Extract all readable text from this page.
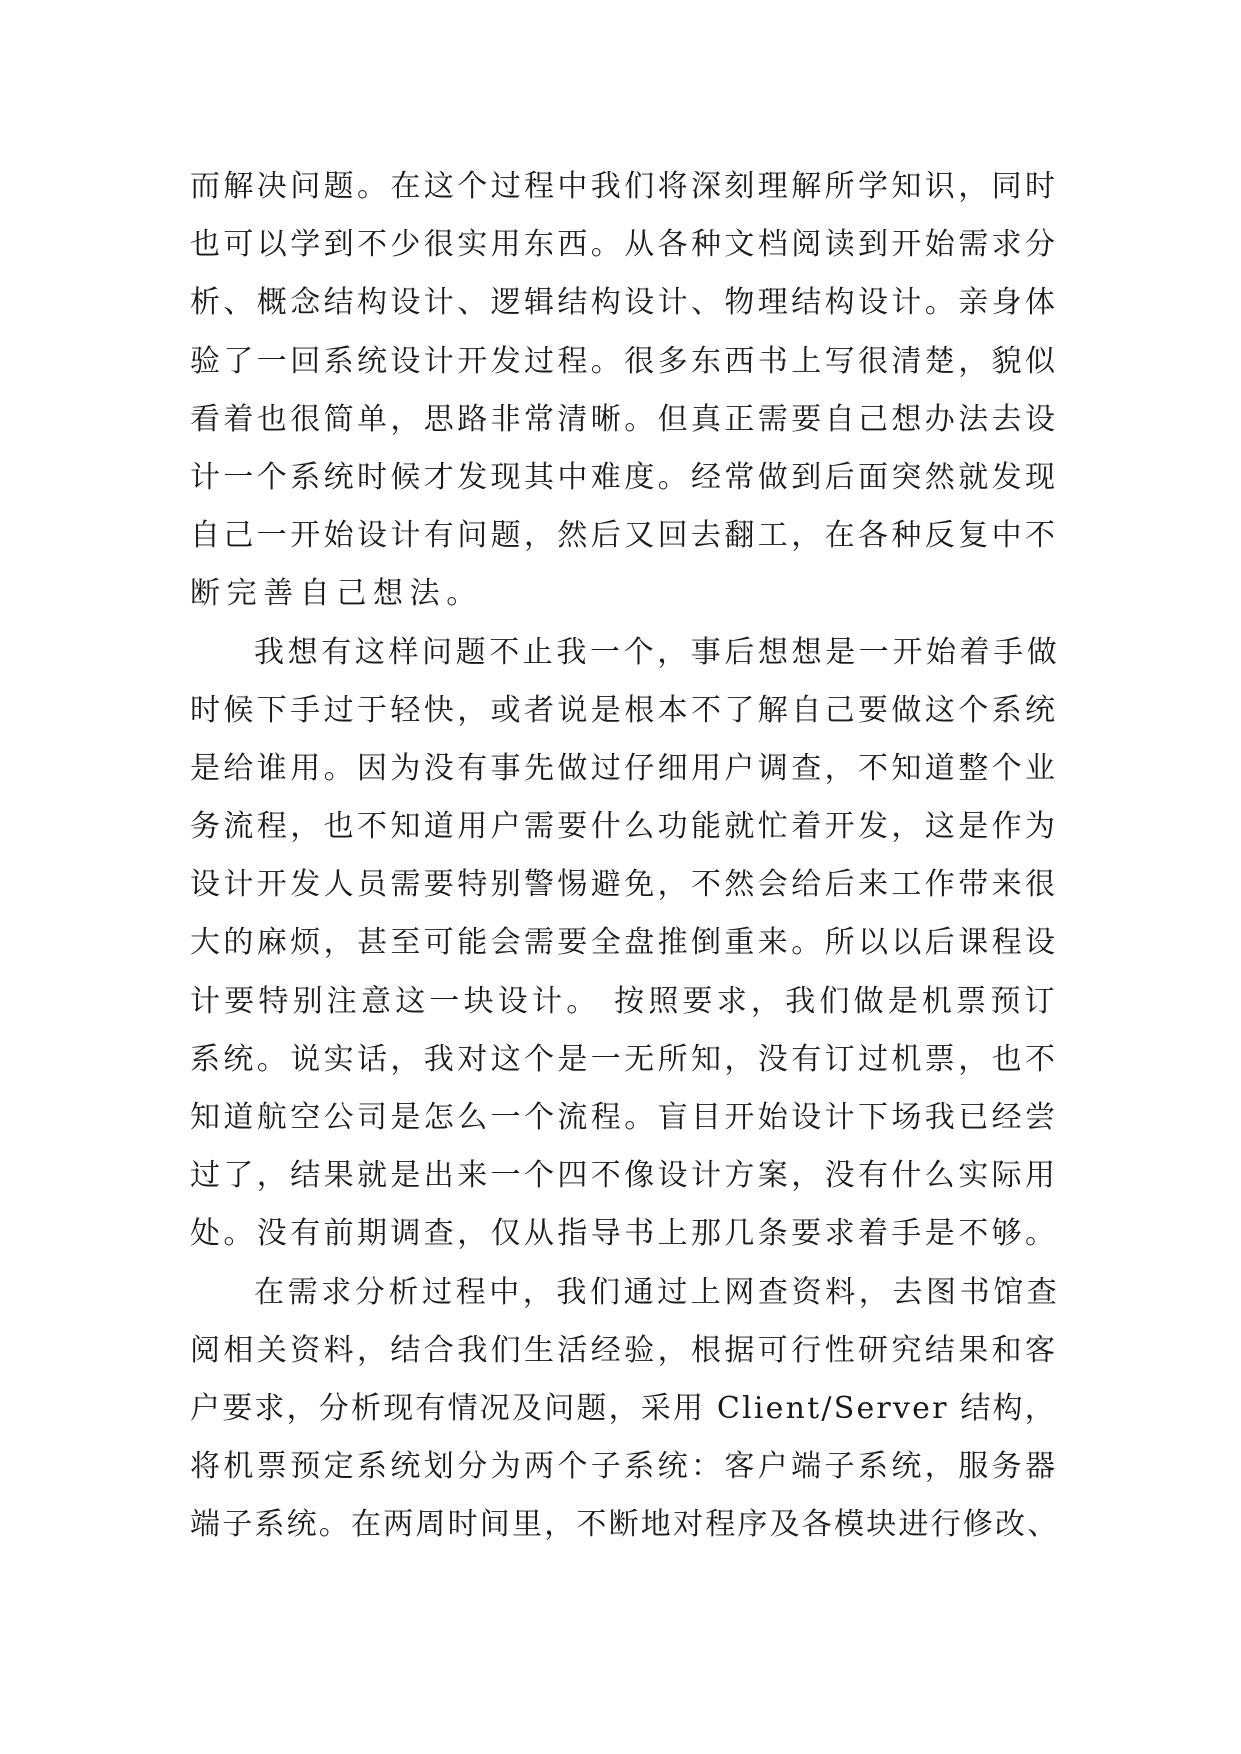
而解决问题。在这个过程中我们将深刻理解所学知识，同时
也可以学到不少很实用东西。从各种文档阅读到开始需求分
析、概念结构设计、逻辑结构设计、物理结构设计。亲身体
验了一回系统设计开发过程。很多东西书上写很清楚，貌似
看着也很简单，思路非常清晰。但真正需要自己想办法去设
计一个系统时候才发现其中难度。经常做到后面突然就发现
自己一开始设计有问题，然后又回去翻工，在各种反复中不
断完善自己想法。
我想有这样问题不止我一个，事后想想是一开始着手做
时候下手过于轻快，或者说是根本不了解自己要做这个系统
是给谁用。因为没有事先做过仔细用户调查，不知道整个业
务流程，也不知道用户需要什么功能就忙着开发，这是作为
设计开发人员需要特别警惕避免，不然会给后来工作带来很
大的麻烦，甚至可能会需要全盘推倒重来。所以以后课程设
计要特别注意这一块设计。 按照要求，我们做是机票预订
系统。说实话，我对这个是一无所知，没有订过机票，也不
知道航空公司是怎么一个流程。盲目开始设计下场我已经尝
过了，结果就是出来一个四不像设计方案，没有什么实际用
处。没有前期调查，仅从指导书上那几条要求着手是不够。
在需求分析过程中，我们通过上网查资料，去图书馆查
阅相关资料，结合我们生活经验，根据可行性研究结果和客
户要求，分析现有情况及问题，采用 Client/Server 结构，
将机票预定系统划分为两个子系统：客户端子系统，服务器
端子系统。在两周时间里，不断地对程序及各模块进行修改、
